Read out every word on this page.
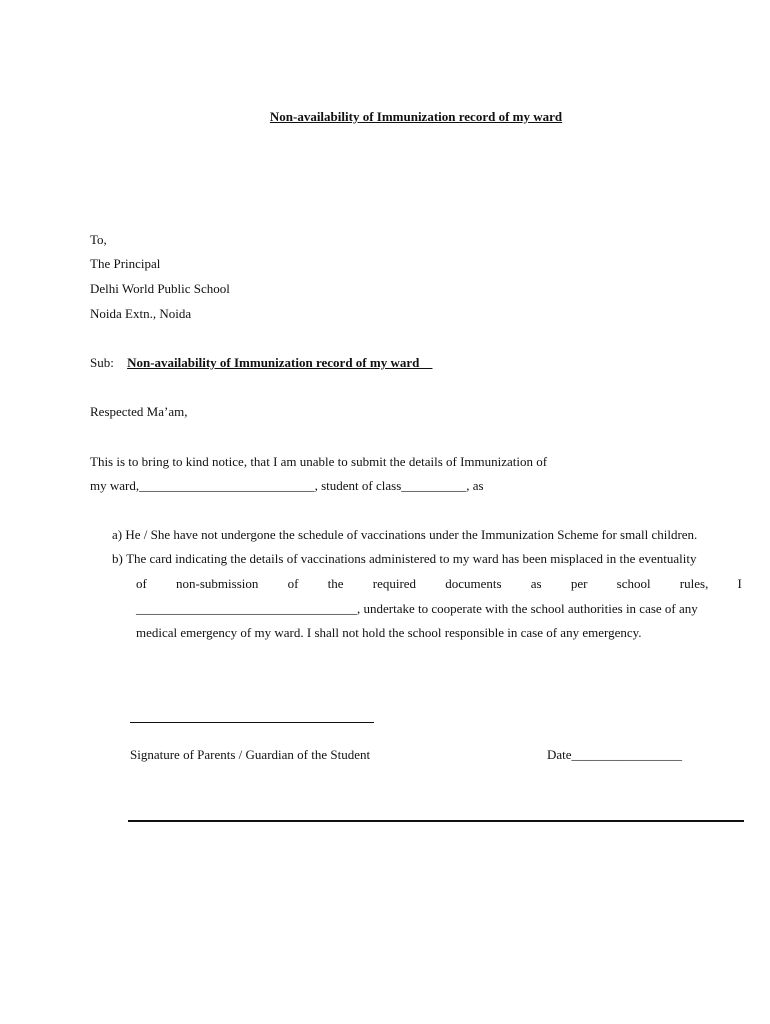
Non-availability of Immunization record of my ward
To,
The Principal
Delhi World Public School
Noida Extn., Noida
Sub: Non-availability of Immunization record of my ward__
Respected Ma’am,
This is to bring to kind notice, that I am unable to submit the details of Immunization of
my ward,___________________________, student of class__________, as
a) He / She have not undergone the schedule of vaccinations under the Immunization Scheme for small children.
b) The card indicating the details of vaccinations administered to my ward has been misplaced in the eventuality
of non-submission of the required documents as per school rules, I
__________________________________, undertake to cooperate with the school authorities in case of any
medical emergency of my ward. I shall not hold the school responsible in case of any emergency.
Signature of Parents / Guardian of the Student	Date_________________
